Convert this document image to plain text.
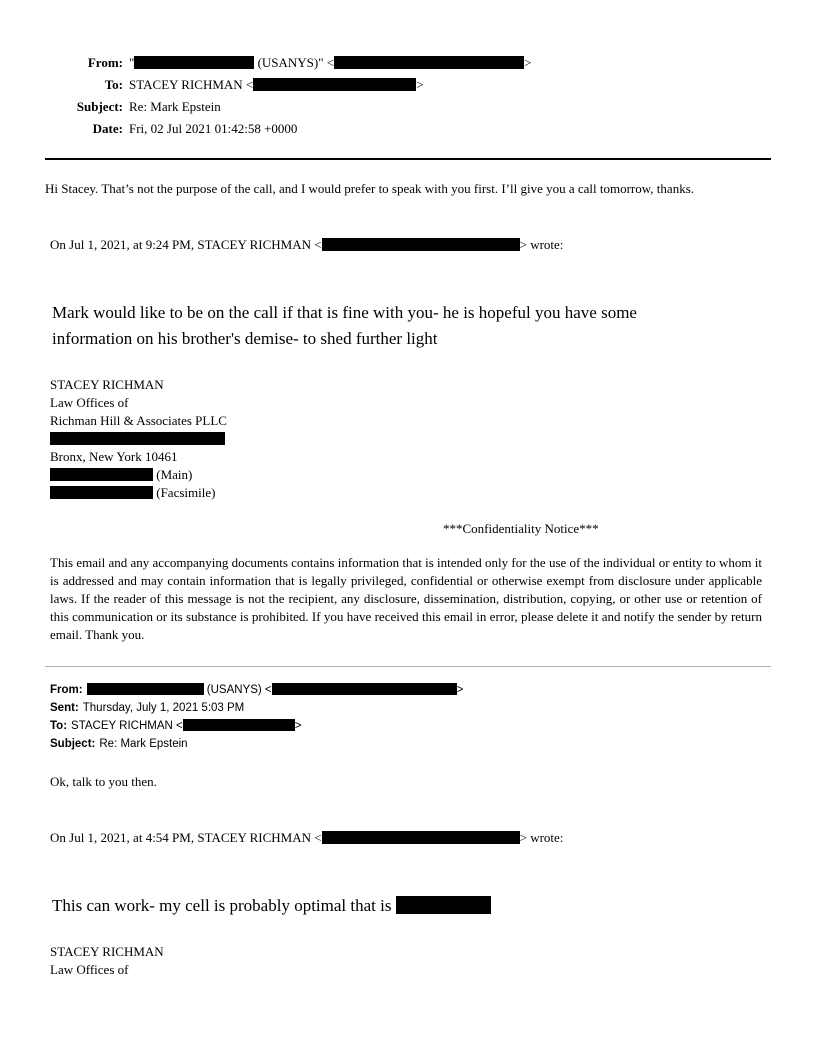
From: "	(USANYS)" <	>
To: STACEY RICHMAN <	>
Subject: Re: Mark Epstein
Date: Fri, 02 Jul 2021 01:42:58 +0000

Hi Stacey. That’s not the purpose of the call, and I would prefer to speak with you first. I’ll give you a call tomorrow, thanks.

On Jul 1, 2021, at 9:24 PM, STACEY RICHMAN <	> wrote:

Mark would like to be on the call if that is fine with you- he is hopeful you have some information on his brother's demise- to shed further light

STACEY RICHMAN
Law Offices of
Richman Hill & Associates PLLC
Bronx, New York 10461
(Main)
(Facsimile)

***Confidentiality Notice***

This email and any accompanying documents contains information that is intended only for the use of the individual or entity to whom it is addressed and may contain information that is legally privileged, confidential or otherwise exempt from disclosure under applicable laws. If the reader of this message is not the recipient, any disclosure, dissemination, distribution, copying, or other use or retention of this communication or its substance is prohibited. If you have received this email in error, please delete it and notify the sender by return email. Thank you.

From:	(USANYS) <	>
Sent: Thursday, July 1, 2021 5:03 PM
To: STACEY RICHMAN <	>
Subject: Re: Mark Epstein

Ok, talk to you then.

On Jul 1, 2021, at 4:54 PM, STACEY RICHMAN <	> wrote:

This can work- my cell is probably optimal that is

STACEY RICHMAN
Law Offices of
